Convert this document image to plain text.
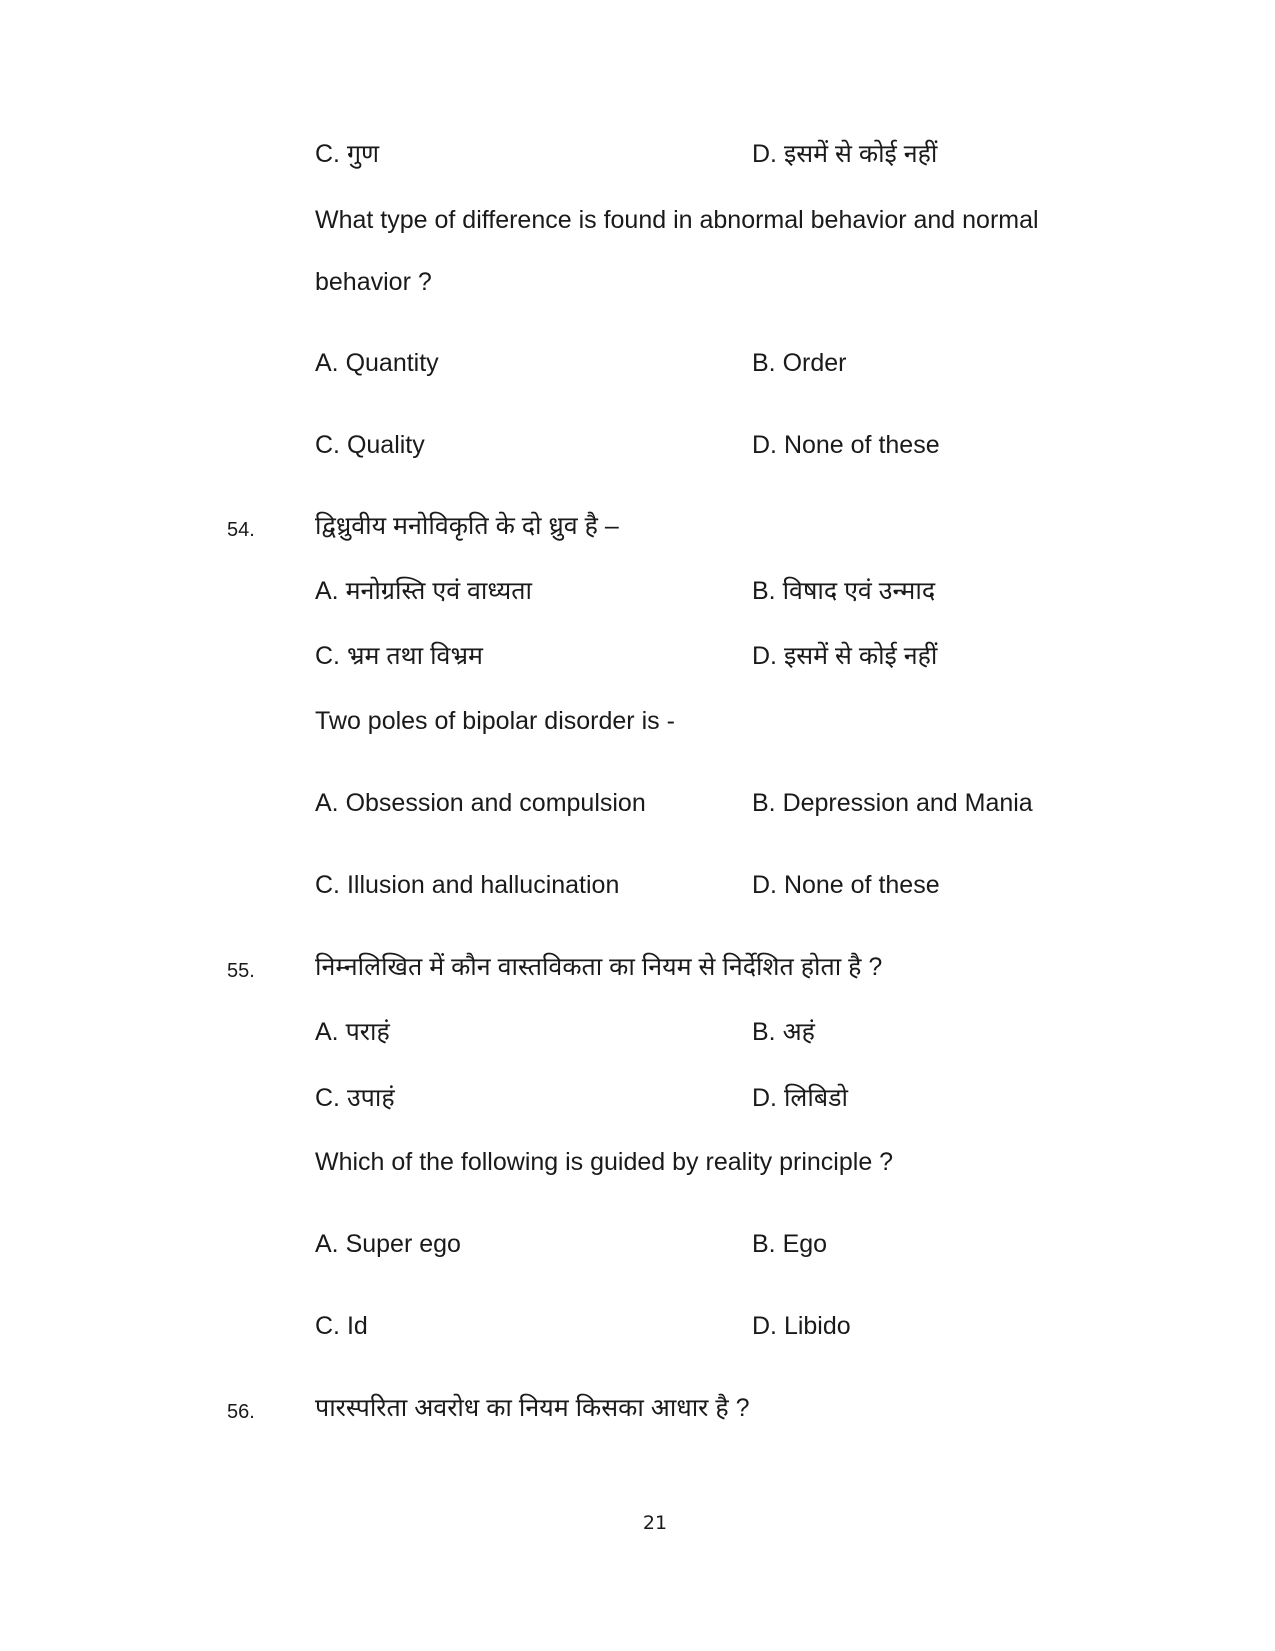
C. गुण	D. इसमें से कोई नहीं
What type of difference is found in abnormal behavior and normal
behavior ?
A. Quantity	B. Order
C. Quality	D. None of these
54. द्विध्रुवीय मनोविकृति के दो ध्रुव है –
A. मनोग्रस्ति एवं वाध्यता	B. विषाद एवं उन्माद
C. भ्रम तथा विभ्रम	D. इसमें से कोई नहीं
Two poles of bipolar disorder is -
A. Obsession and compulsion	B. Depression and Mania
C. Illusion and hallucination	D. None of these
55. निम्नलिखित में कौन वास्तविकता का नियम से निर्देशित होता है ?
A. पराहं	B. अहं
C. उपाहं	D. लिबिडो
Which of the following is guided by reality principle ?
A. Super ego	B. Ego
C. Id	D. Libido
56. पारस्परिता अवरोध का नियम किसका आधार है ?
21
